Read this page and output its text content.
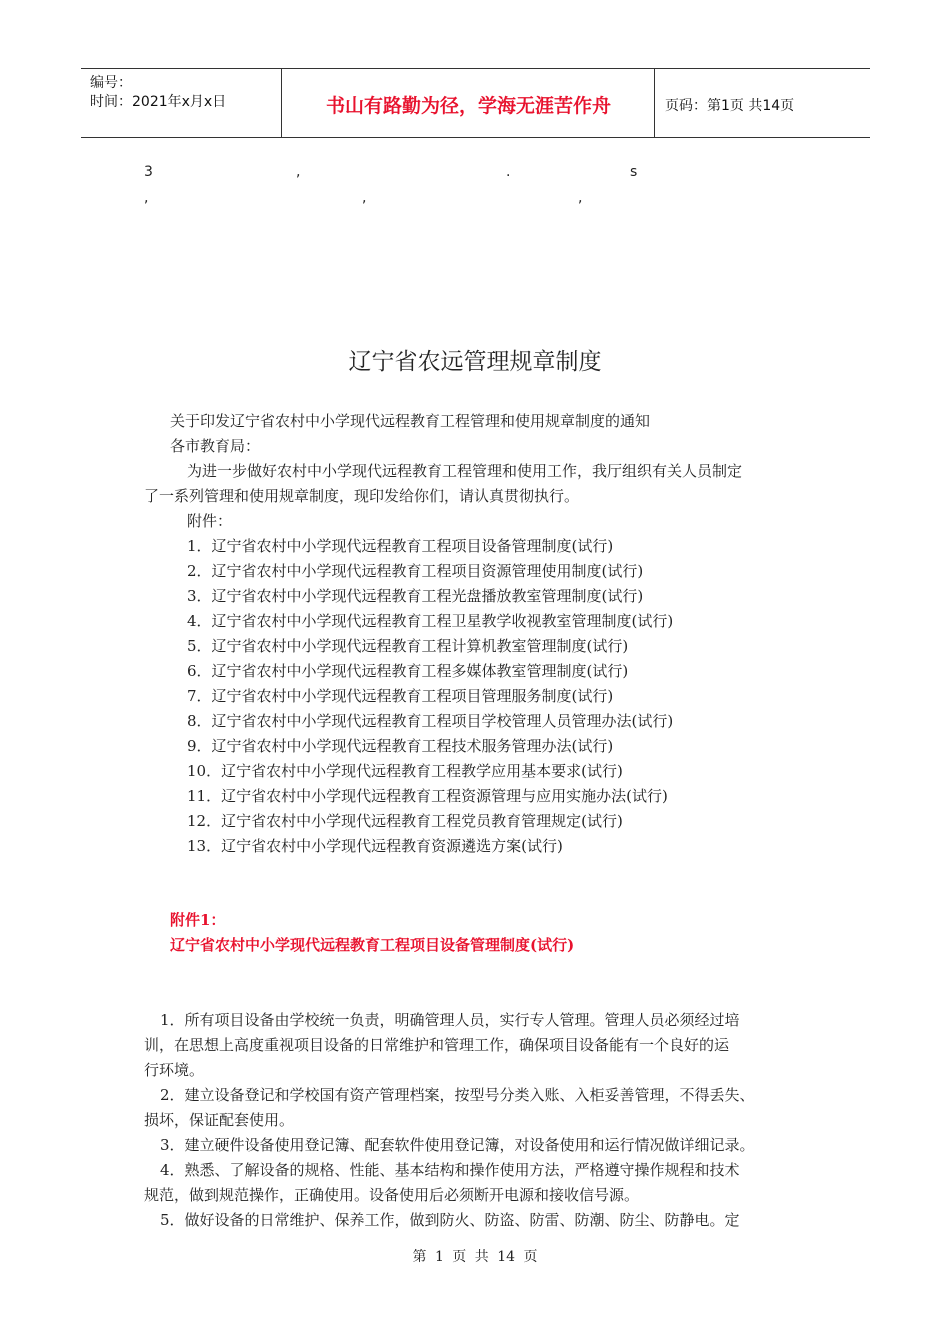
编号：
时间：2021年x月x日	书山有路勤为径，学海无涯苦作舟	页码：第1页 共14页
3	,	.	s
,	,	,
辽宁省农远管理规章制度
关于印发辽宁省农村中小学现代远程教育工程管理和使用规章制度的通知
各市教育局：
为进一步做好农村中小学现代远程教育工程管理和使用工作，我厅组织有关人员制定
了一系列管理和使用规章制度，现印发给你们，请认真贯彻执行。
附件：
1．辽宁省农村中小学现代远程教育工程项目设备管理制度(试行)
2．辽宁省农村中小学现代远程教育工程项目资源管理使用制度(试行)
3．辽宁省农村中小学现代远程教育工程光盘播放教室管理制度(试行)
4．辽宁省农村中小学现代远程教育工程卫星教学收视教室管理制度(试行)
5．辽宁省农村中小学现代远程教育工程计算机教室管理制度(试行)
6．辽宁省农村中小学现代远程教育工程多媒体教室管理制度(试行)
7．辽宁省农村中小学现代远程教育工程项目管理服务制度(试行)
8．辽宁省农村中小学现代远程教育工程项目学校管理人员管理办法(试行)
9．辽宁省农村中小学现代远程教育工程技术服务管理办法(试行)
10．辽宁省农村中小学现代远程教育工程教学应用基本要求(试行)
11．辽宁省农村中小学现代远程教育工程资源管理与应用实施办法(试行)
12．辽宁省农村中小学现代远程教育工程党员教育管理规定(试行)
13．辽宁省农村中小学现代远程教育资源遴选方案(试行)
附件1：
辽宁省农村中小学现代远程教育工程项目设备管理制度(试行)
1．所有项目设备由学校统一负责，明确管理人员，实行专人管理。管理人员必须经过培
训，在思想上高度重视项目设备的日常维护和管理工作，确保项目设备能有一个良好的运
行环境。
2．建立设备登记和学校国有资产管理档案，按型号分类入账、入柜妥善管理，不得丢失、
损坏，保证配套使用。
3．建立硬件设备使用登记簿、配套软件使用登记簿，对设备使用和运行情况做详细记录。
4．熟悉、了解设备的规格、性能、基本结构和操作使用方法，严格遵守操作规程和技术
规范，做到规范操作，正确使用。设备使用后必须断开电源和接收信号源。
5．做好设备的日常维护、保养工作，做到防火、防盗、防雷、防潮、防尘、防静电。定
第 1 页 共 14 页
